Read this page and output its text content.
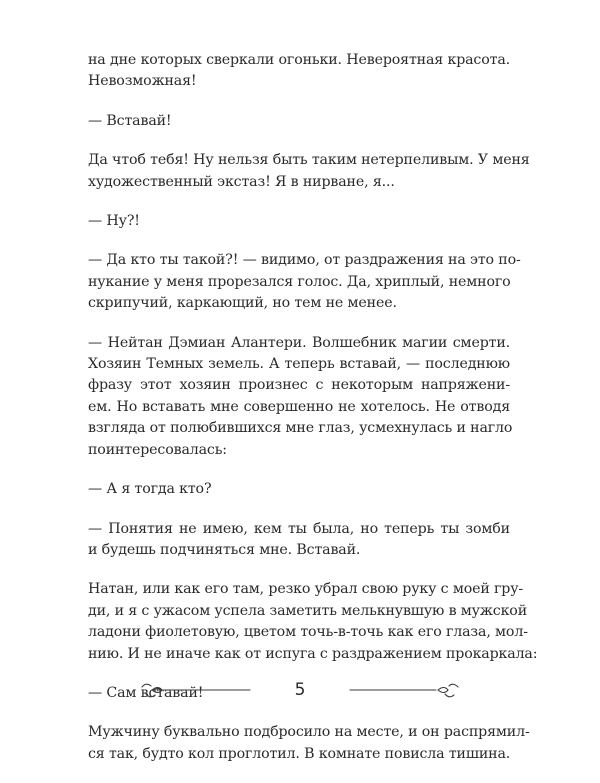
на дне которых сверкали огоньки. Невероятная красота.
Невозможная!

— Вставай!

Да чтоб тебя! Ну нельзя быть таким нетерпеливым. У меня
художественный экстаз! Я в нирване, я...

— Ну?!

— Да кто ты такой?! — видимо, от раздражения на это по-
нукание у меня прорезался голос. Да, хриплый, немного
скрипучий, каркающий, но тем не менее.

— Нейтан Дэмиан Алантери. Волшебник магии смерти.
Хозяин Темных земель. А теперь вставай, — последнюю
фразу этот хозяин произнес с некоторым напряжени-
ем. Но вставать мне совершенно не хотелось. Не отводя
взгляда от полюбившихся мне глаз, усмехнулась и нагло
поинтересовалась:

— А я тогда кто?

— Понятия не имею, кем ты была, но теперь ты зомби
и будешь подчиняться мне. Вставай.

Натан, или как его там, резко убрал свою руку с моей гру-
ди, и я с ужасом успела заметить мелькнувшую в мужской
ладони фиолетовую, цветом точь-в-точь как его глаза, мол-
нию. И не иначе как от испуга с раздражением прокаркала:

— Сам вставай!

Мужчину буквально подбросило на месте, и он распрямил-
ся так, будто кол проглотил. В комнате повисла тишина.

5
